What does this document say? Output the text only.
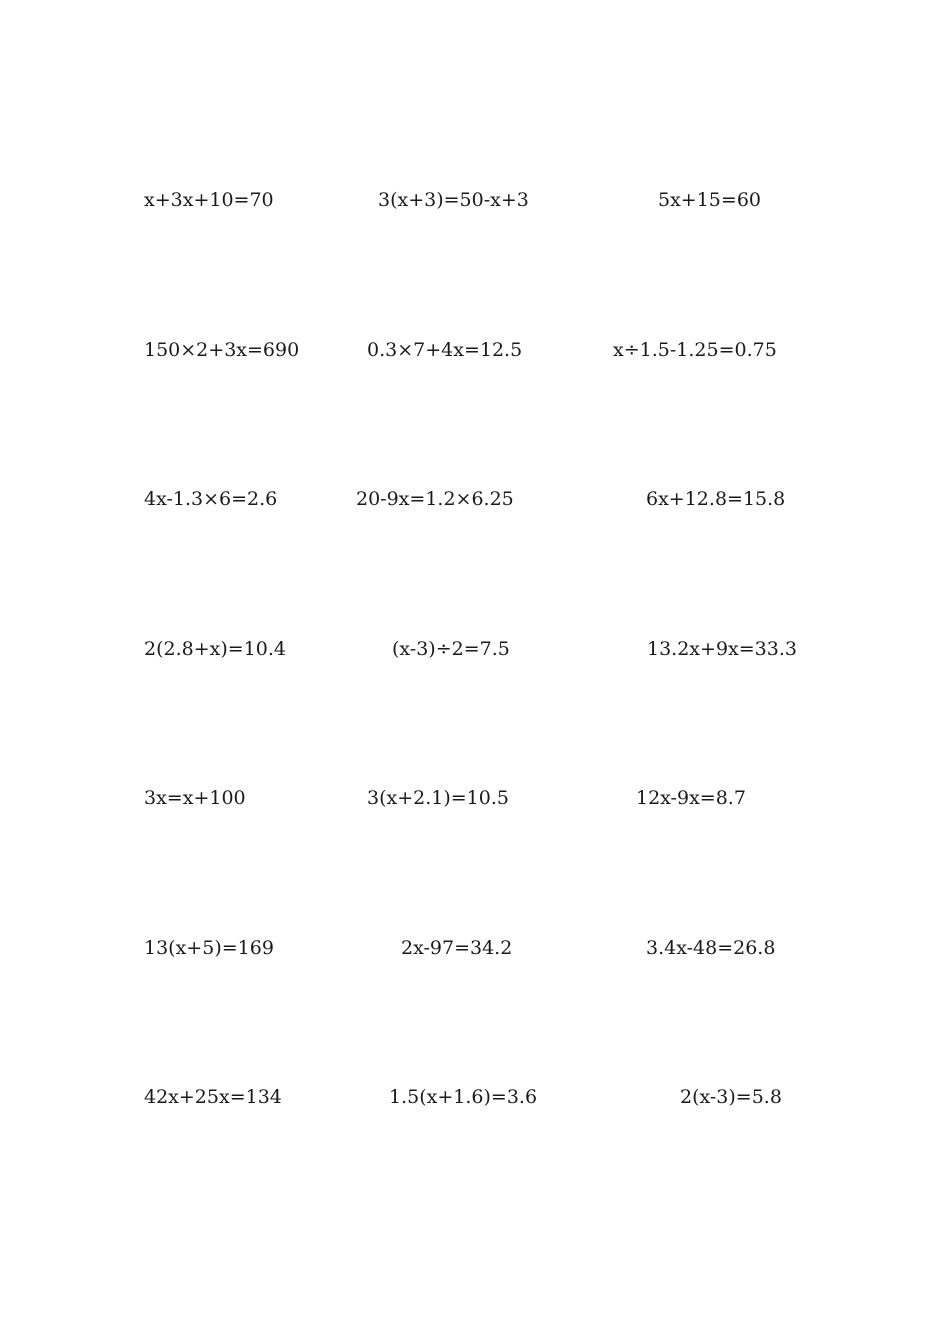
x+3x+10=70	3(x+3)=50-x+3	5x+15=60
150×2+3x=690	0.3×7+4x=12.5	x÷1.5-1.25=0.75
4x-1.3×6=2.6	20-9x=1.2×6.25	6x+12.8=15.8
2(2.8+x)=10.4	(x-3)÷2=7.5	13.2x+9x=33.3
3x=x+100	3(x+2.1)=10.5	12x-9x=8.7
13(x+5)=169	2x-97=34.2	3.4x-48=26.8
42x+25x=134	1.5(x+1.6)=3.6	2(x-3)=5.8
